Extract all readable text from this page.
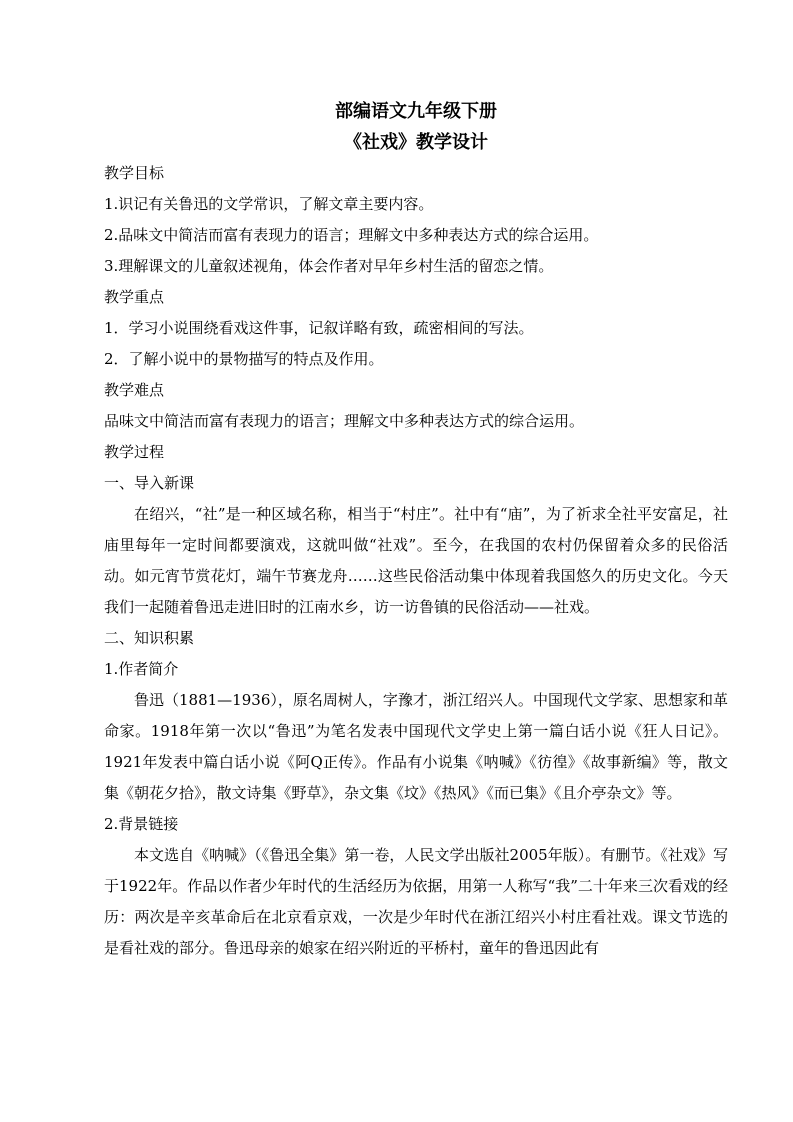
部编语文九年级下册
《社戏》教学设计
教学目标
1.识记有关鲁迅的文学常识，了解文章主要内容。
2.品味文中简洁而富有表现力的语言；理解文中多种表达方式的综合运用。
3.理解课文的儿童叙述视角，体会作者对早年乡村生活的留恋之情。
教学重点
1．学习小说围绕看戏这件事，记叙详略有致，疏密相间的写法。
2．了解小说中的景物描写的特点及作用。
教学难点
品味文中简洁而富有表现力的语言；理解文中多种表达方式的综合运用。
教学过程
一、导入新课
在绍兴，“社”是一种区域名称，相当于“村庄”。社中有“庙”，为了祈求全社平安富足，社庙里每年一定时间都要演戏，这就叫做“社戏”。至今，在我国的农村仍保留着众多的民俗活动。如元宵节赏花灯，端午节赛龙舟……这些民俗活动集中体现着我国悠久的历史文化。今天我们一起随着鲁迅走进旧时的江南水乡，访一访鲁镇的民俗活动——社戏。
二、知识积累
1.作者简介
鲁迅（1881—1936），原名周树人，字豫才，浙江绍兴人。中国现代文学家、思想家和革命家。1918年第一次以“鲁迅”为笔名发表中国现代文学史上第一篇白话小说《狂人日记》。1921年发表中篇白话小说《阿Q正传》。作品有小说集《呐喊》《彷徨》《故事新编》等，散文集《朝花夕拾》，散文诗集《野草》，杂文集《坟》《热风》《而已集》《且介亭杂文》等。
2.背景链接
本文选自《呐喊》（《鲁迅全集》第一卷，人民文学出版社2005年版）。有删节。《社戏》写于1922年。作品以作者少年时代的生活经历为依据，用第一人称写“我”二十年来三次看戏的经历：两次是辛亥革命后在北京看京戏，一次是少年时代在浙江绍兴小村庄看社戏。课文节选的是看社戏的部分。鲁迅母亲的娘家在绍兴附近的平桥村，童年的鲁迅因此有
